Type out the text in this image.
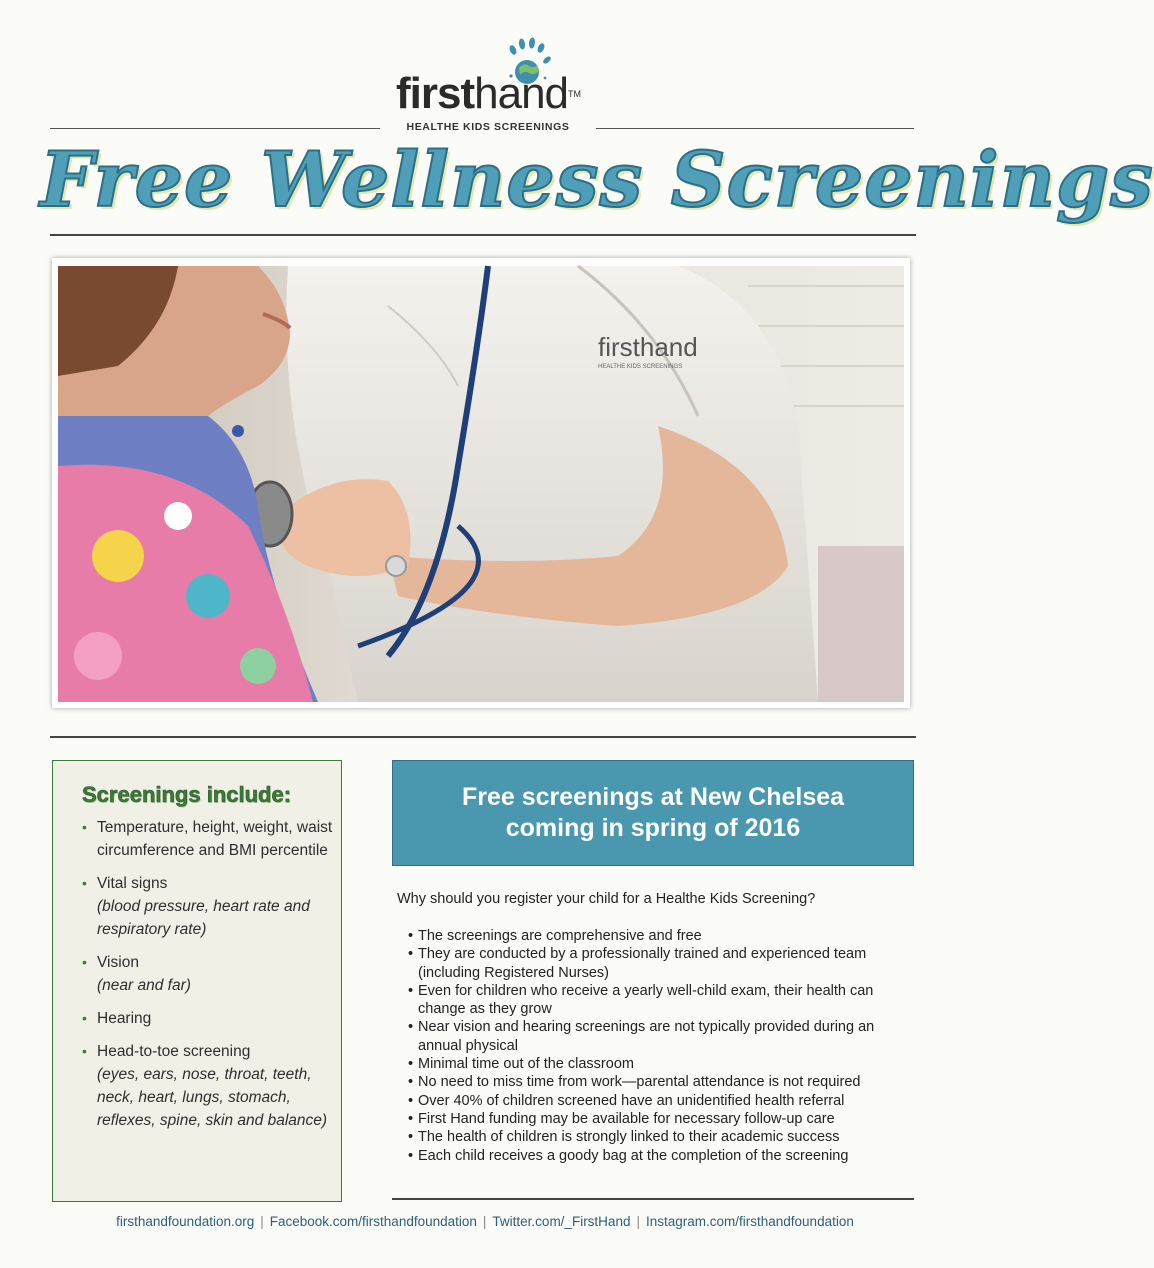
firsthand™
HEALTHE KIDS SCREENINGS
Free Wellness Screenings
firsthand
HEALTHE KIDS SCREENINGS
Screenings include:
• Temperature, height, weight, waist circumference and BMI percentile
• Vital signs
(blood pressure, heart rate and respiratory rate)
• Vision
(near and far)
• Hearing
• Head-to-toe screening
(eyes, ears, nose, throat, teeth, neck, heart, lungs, stomach, reflexes, spine, skin and balance)
Free screenings at New Chelsea
coming in spring of 2016
Why should you register your child for a Healthe Kids Screening?
• The screenings are comprehensive and free
• They are conducted by a professionally trained and experienced team (including Registered Nurses)
• Even for children who receive a yearly well-child exam, their health can change as they grow
• Near vision and hearing screenings are not typically provided during an annual physical
• Minimal time out of the classroom
• No need to miss time from work—parental attendance is not required
• Over 40% of children screened have an unidentified health referral
• First Hand funding may be available for necessary follow-up care
• The health of children is strongly linked to their academic success
• Each child receives a goody bag at the completion of the screening
firsthandfoundation.org | Facebook.com/firsthandfoundation | Twitter.com/_FirstHand | Instagram.com/firsthandfoundation
